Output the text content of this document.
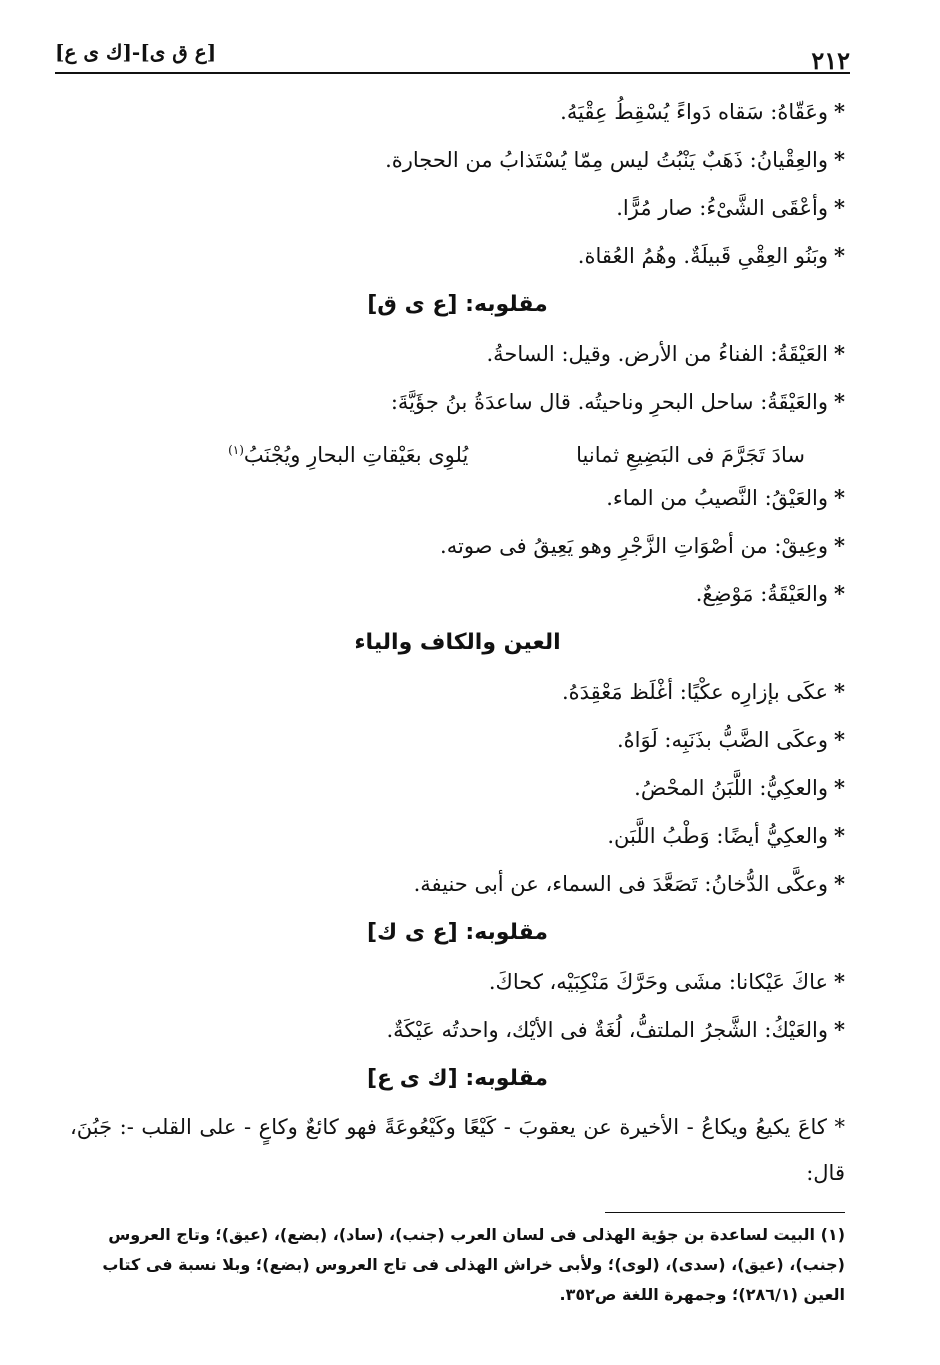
٢١٢
[ع ق ى]-[ك ى ع]
*وعَقّاهُ: سَقاه دَواءً يُسْقِطُ عِقْيَهُ.
*والعِقْيانُ: ذَهَبٌ يَنْبُتُ ليس مِمّا يُسْتَذابُ من الحجارة.
*وأعْقَى الشَّىْءُ: صار مُرًّا.
*وبَنُو العِقْىِ قَبيلَةٌ. وهُمُ العُقاة.
مقلوبه: [ع ى ق]
*العَيْقَةُ: الفناءُ من الأرض. وقيل: الساحةُ.
*والعَيْقَةُ: ساحل البحرِ وناحيتُه. قال ساعدَةُ بنُ جؤَيَّةَ:
سادَ تَجَرَّمَ فى البَضِيعِ ثمانيا يُلوِى بعَيْقاتِ البحارِ ويُجْنَبُ$^{(١)}$
*والعَيْقُ: النَّصيبُ من الماء.
*وعِيقْ: من أصْوَاتِ الزَّجْرِ وهو يَعِيقُ فى صوته.
*والعَيْقَةُ: مَوْضِعٌ.
العين والكاف والياء
*عكَى بإزارِه عكْيًا: أغْلَظ مَعْقِدَهُ.
*وعكَى الضَّبُّ بذَنَبِه: لَوَاهُ.
*والعكِيُّ: اللَّبَنُ المحْضُ.
*والعكِيُّ أيضًا: وَطْبُ اللَّبَن.
*وعكَّى الدُّخانُ: تَصَعَّدَ فى السماء، عن أبى حنيفة.
مقلوبه: [ع ى ك]
*عاكَ عَيْكانا: مشَى وحَرَّكَ مَنْكِبَيْه، كحاكَ.
*والعَيْكُ: الشَّجرُ الملتفُّ، لُغَةٌ فى الأيْك، واحدتُه عَيْكَةٌ.
مقلوبه: [ك ى ع]
* كاعَ يكيعُ ويكاعُ - الأخيرة عن يعقوبَ - كَيْعًا وكَيْعُوعَةً فهو كائعٌ وكاعٍ - على القلب -: جَبُنَ، قال:
(١) البيت لساعدة بن جؤية الهذلى فى لسان العرب (جنب)، (ساد)، (بضع)، (عيق)؛ وتاج العروس (جنب)، (عيق)، (سدى)، (لوى)؛ ولأبى خراش الهذلى فى تاج العروس (بضع)؛ وبلا نسبة فى كتاب العين (٢٨٦/١)؛ وجمهرة اللغة ص٣٥٢.
